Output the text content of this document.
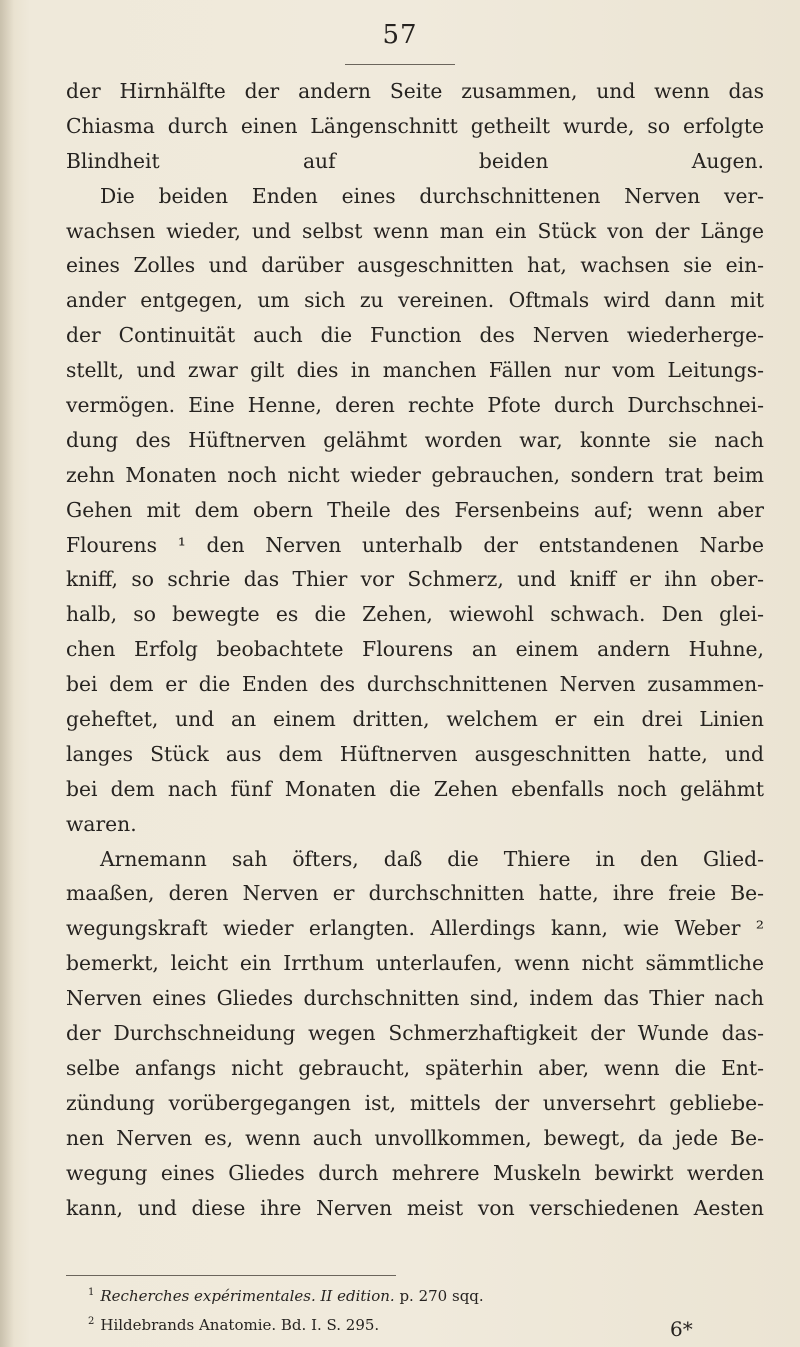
57
der Hirnhälfte der andern Seite zusammen, und wenn das
Chiasma durch einen Längenschnitt getheilt wurde, so erfolgte
Blindheit auf beiden Augen.
Die beiden Enden eines durchschnittenen Nerven ver-
wachsen wieder, und selbst wenn man ein Stück von der Länge
eines Zolles und darüber ausgeschnitten hat, wachsen sie ein-
ander entgegen, um sich zu vereinen. Oftmals wird dann mit
der Continuität auch die Function des Nerven wiederherge-
stellt, und zwar gilt dies in manchen Fällen nur vom Leitungs-
vermögen. Eine Henne, deren rechte Pfote durch Durchschnei-
dung des Hüftnerven gelähmt worden war, konnte sie nach
zehn Monaten noch nicht wieder gebrauchen, sondern trat beim
Gehen mit dem obern Theile des Fersenbeins auf; wenn aber
Flourens ¹ den Nerven unterhalb der entstandenen Narbe
kniff, so schrie das Thier vor Schmerz, und kniff er ihn ober-
halb, so bewegte es die Zehen, wiewohl schwach. Den glei-
chen Erfolg beobachtete Flourens an einem andern Huhne,
bei dem er die Enden des durchschnittenen Nerven zusammen-
geheftet, und an einem dritten, welchem er ein drei Linien
langes Stück aus dem Hüftnerven ausgeschnitten hatte, und
bei dem nach fünf Monaten die Zehen ebenfalls noch gelähmt
waren.
Arnemann sah öfters, daß die Thiere in den Glied-
maaßen, deren Nerven er durchschnitten hatte, ihre freie Be-
wegungskraft wieder erlangten. Allerdings kann, wie Weber ²
bemerkt, leicht ein Irrthum unterlaufen, wenn nicht sämmtliche
Nerven eines Gliedes durchschnitten sind, indem das Thier nach
der Durchschneidung wegen Schmerzhaftigkeit der Wunde das-
selbe anfangs nicht gebraucht, späterhin aber, wenn die Ent-
zündung vorübergegangen ist, mittels der unversehrt gebliebe-
nen Nerven es, wenn auch unvollkommen, bewegt, da jede Be-
wegung eines Gliedes durch mehrere Muskeln bewirkt werden
kann, und diese ihre Nerven meist von verschiedenen Aesten
$^1$ Recherches expérimentales. II edition. p. 270 sqq.
$^2$ Hildebrands Anatomie. Bd. I. S. 295.	6*
